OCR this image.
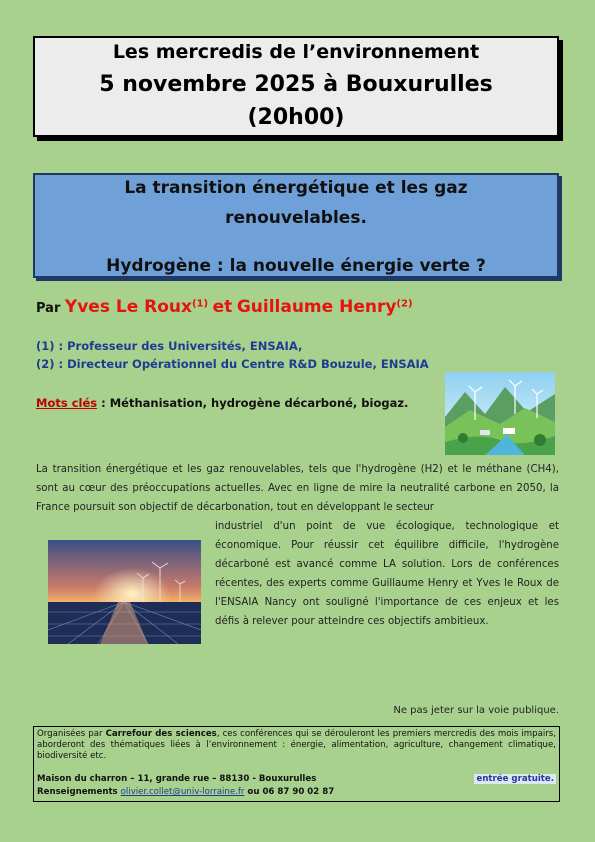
Les mercredis de l’environnement
5 novembre 2025 à Bouxurulles
(20h00)
La transition énergétique et les gaz
renouvelables.
Hydrogène : la nouvelle énergie verte ?
Par Yves Le Roux$^{(1)}$ et Guillaume Henry$^{(2)}$
(1) : Professeur des Universités, ENSAIA,
(2) : Directeur Opérationnel du Centre R&D Bouzule, ENSAIA
Mots clés : Méthanisation, hydrogène décarboné, biogaz.
La transition énergétique et les gaz renouvelables, tels que l'hydrogène (H2) et le méthane (CH4), sont au cœur des préoccupations actuelles. Avec en ligne de mire la neutralité carbone en 2050, la France poursuit son objectif de décarbonation, tout en développant le secteur
industriel d'un point de vue écologique, technologique et économique. Pour réussir cet équilibre difficile, l'hydrogène décarboné est avancé comme LA solution. Lors de conférences récentes, des experts comme Guillaume Henry et Yves le Roux de l'ENSAIA Nancy ont souligné l'importance de ces enjeux et les défis à relever pour atteindre ces objectifs ambitieux.
Ne pas jeter sur la voie publique.
Organisées par Carrefour des sciences, ces conférences qui se dérouleront les premiers mercredis des mois impairs, aborderont des thématiques liées à l’environnement : énergie, alimentation, agriculture, changement climatique, biodiversité etc.
Maison du charron – 11, grande rue – 88130 - Bouxurulles	entrée gratuite.
Renseignements olivier.collet@univ-lorraine.fr ou 06 87 90 02 87
